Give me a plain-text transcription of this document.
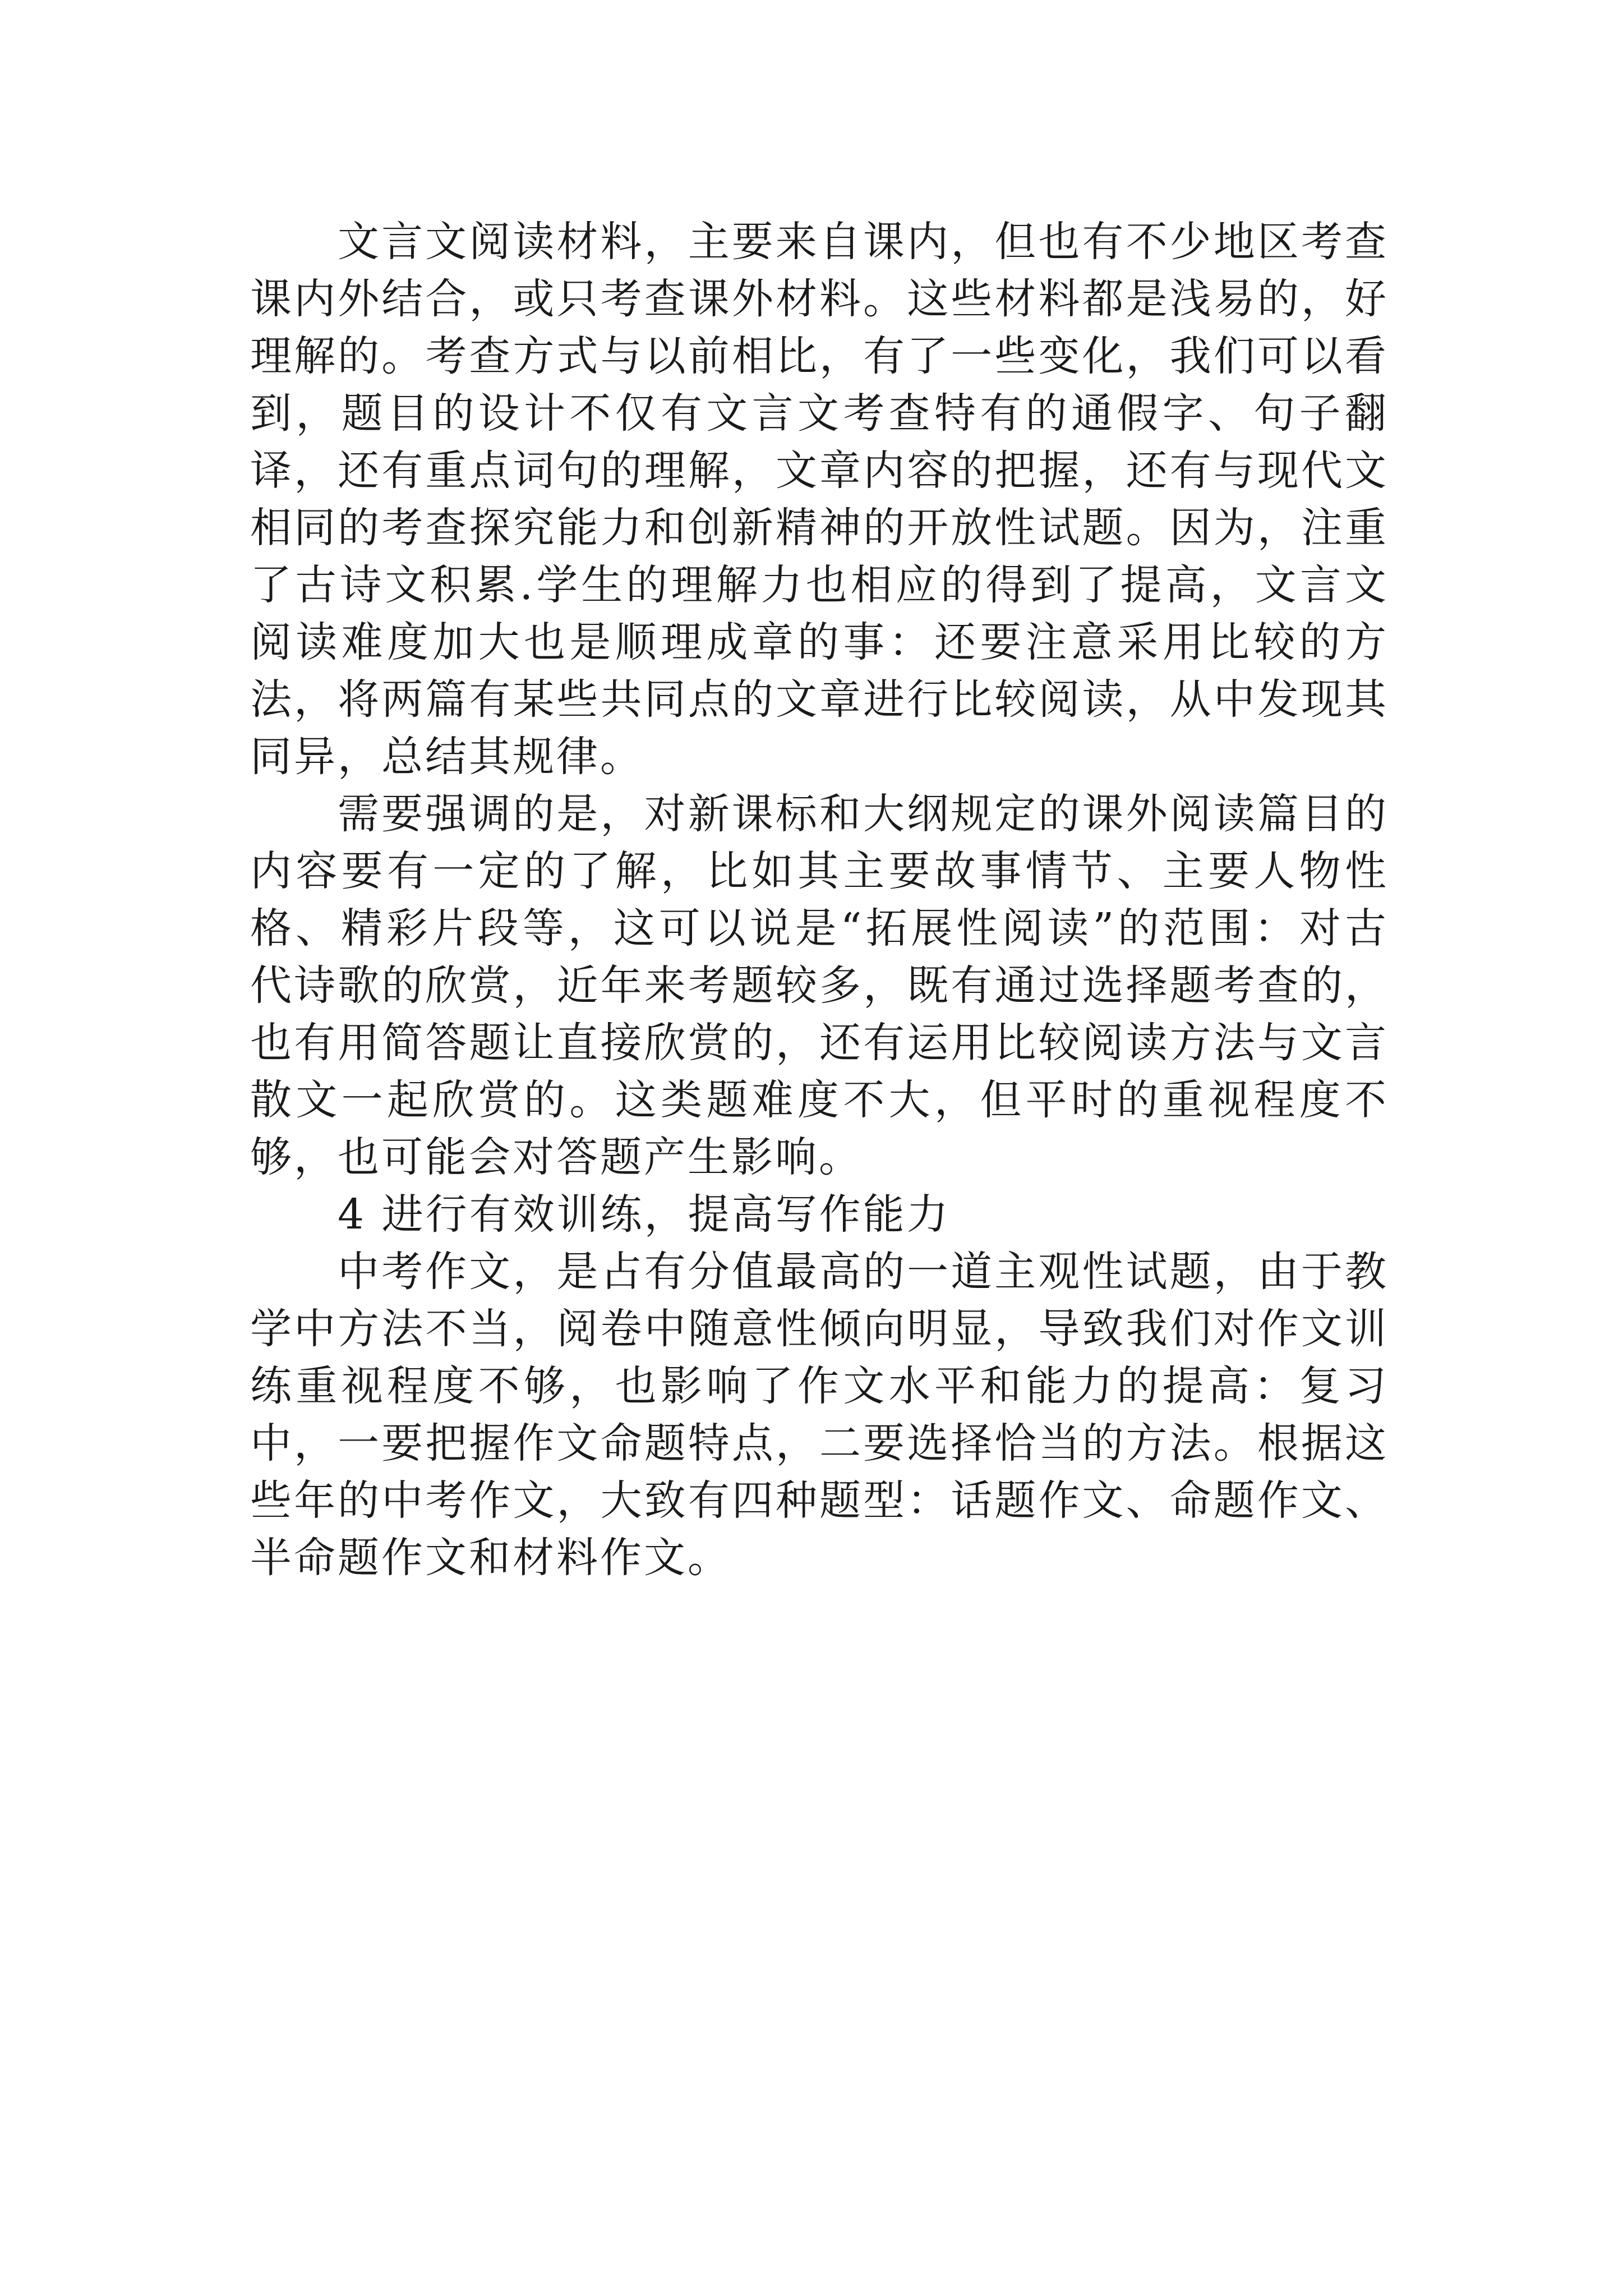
文言文阅读材料，主要来自课内，但也有不少地区考查课内外结合，或只考查课外材料。这些材料都是浅易的，好理解的。考查方式与以前相比，有了一些变化，我们可以看到，题目的设计不仅有文言文考查特有的通假字、句子翻译，还有重点词句的理解，文章内容的把握，还有与现代文相同的考查探究能力和创新精神的开放性试题。因为，注重了古诗文积累.学生的理解力也相应的得到了提高，文言文阅读难度加大也是顺理成章的事：还要注意采用比较的方法，将两篇有某些共同点的文章进行比较阅读，从中发现其同异，总结其规律。

需要强调的是，对新课标和大纲规定的课外阅读篇目的内容要有一定的了解，比如其主要故事情节、主要人物性格、精彩片段等，这可以说是“拓展性阅读”的范围：对古代诗歌的欣赏，近年来考题较多，既有通过选择题考查的，也有用简答题让直接欣赏的，还有运用比较阅读方法与文言散文一起欣赏的。这类题难度不大，但平时的重视程度不够，也可能会对答题产生影响。

4 进行有效训练，提高写作能力

中考作文，是占有分值最高的一道主观性试题，由于教学中方法不当，阅卷中随意性倾向明显，导致我们对作文训练重视程度不够，也影响了作文水平和能力的提高：复习中，一要把握作文命题特点，二要选择恰当的方法。根据这些年的中考作文，大致有四种题型：话题作文、命题作文、半命题作文和材料作文。
